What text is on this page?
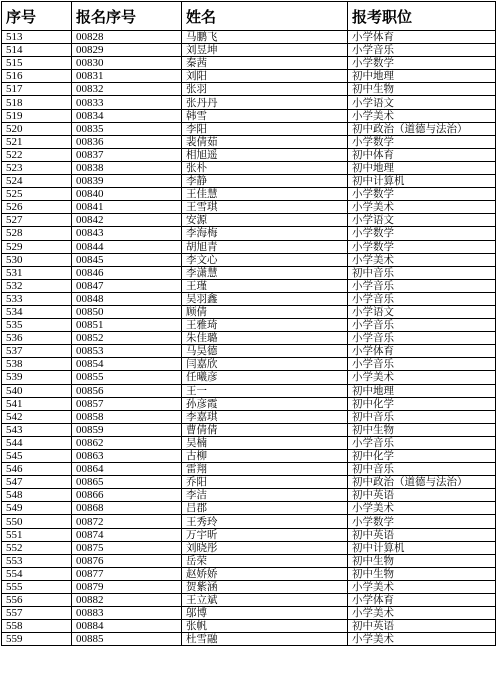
序号	报名序号	姓名	报考职位
513	00828	马鹏飞	小学体育
514	00829	刘昱坤	小学音乐
515	00830	秦茜	小学数学
516	00831	刘阳	初中地理
517	00832	张羽	初中生物
518	00833	张丹丹	小学语文
519	00834	韩雪	小学美术
520	00835	李阳	初中政治（道德与法治）
521	00836	裴倩茹	小学数学
522	00837	相旭遥	初中体育
523	00838	张朴	初中地理
524	00839	李静	初中计算机
525	00840	王佳慧	小学数学
526	00841	王雪琪	小学美术
527	00842	安源	小学语文
528	00843	李海梅	小学数学
529	00844	胡旭青	小学数学
530	00845	李文心	小学美术
531	00846	李潇慧	初中音乐
532	00847	王瑾	小学音乐
533	00848	吴羽鑫	小学音乐
534	00850	顾倩	小学语文
535	00851	王雅琦	小学音乐
536	00852	朱佳璐	小学音乐
537	00853	马昊德	小学体育
538	00854	闫嘉欣	小学音乐
539	00855	任曦彦	小学美术
540	00856	王一	初中地理
541	00857	孙彦霞	初中化学
542	00858	李嘉琪	初中音乐
543	00859	曹倩倩	初中生物
544	00862	吴楠	小学音乐
545	00863	古柳	初中化学
546	00864	雷翔	初中音乐
547	00865	乔阳	初中政治（道德与法治）
548	00866	李洁	初中英语
549	00868	吕郡	小学美术
550	00872	王秀玲	小学数学
551	00874	万宇昕	初中英语
552	00875	刘晓彤	初中计算机
553	00876	岳荣	初中生物
554	00877	赵娇娇	初中生物
555	00879	贺紫涵	小学美术
556	00882	王立斌	小学体育
557	00883	邬博	小学美术
558	00884	张帆	初中英语
559	00885	杜雪融	小学美术
